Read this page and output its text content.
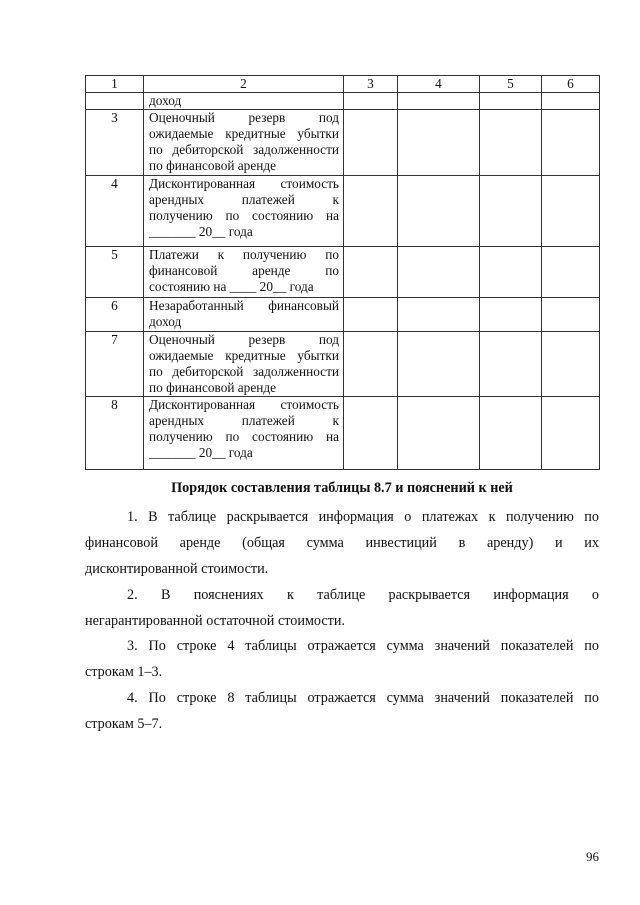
1	2	3	4	5	6

	доход				

3	Оценочный резерв под
ожидаемые кредитные убытки
по дебиторской задолженности
по финансовой аренде				

4	Дисконтированная стоимость
арендных платежей к
получению по состоянию на
_______ 20__ года				

5	Платежи к получению по
финансовой аренде по
состоянию на ____ 20__ года				

6	Незаработанный финансовый
доход				

7	Оценочный резерв под
ожидаемые кредитные убытки
по дебиторской задолженности
по финансовой аренде				

8	Дисконтированная стоимость
арендных платежей к
получению по состоянию на
_______ 20__ года				

Порядок составления таблицы 8.7 и пояснений к ней
1. В таблице раскрывается информация о платежах к получению по
финансовой аренде (общая сумма инвестиций в аренду) и их
дисконтированной стоимости.
2. В пояснениях к таблице раскрывается информация о
негарантированной остаточной стоимости.
3. По строке 4 таблицы отражается сумма значений показателей по
строкам 1–3.
4. По строке 8 таблицы отражается сумма значений показателей по
строкам 5–7.
96
